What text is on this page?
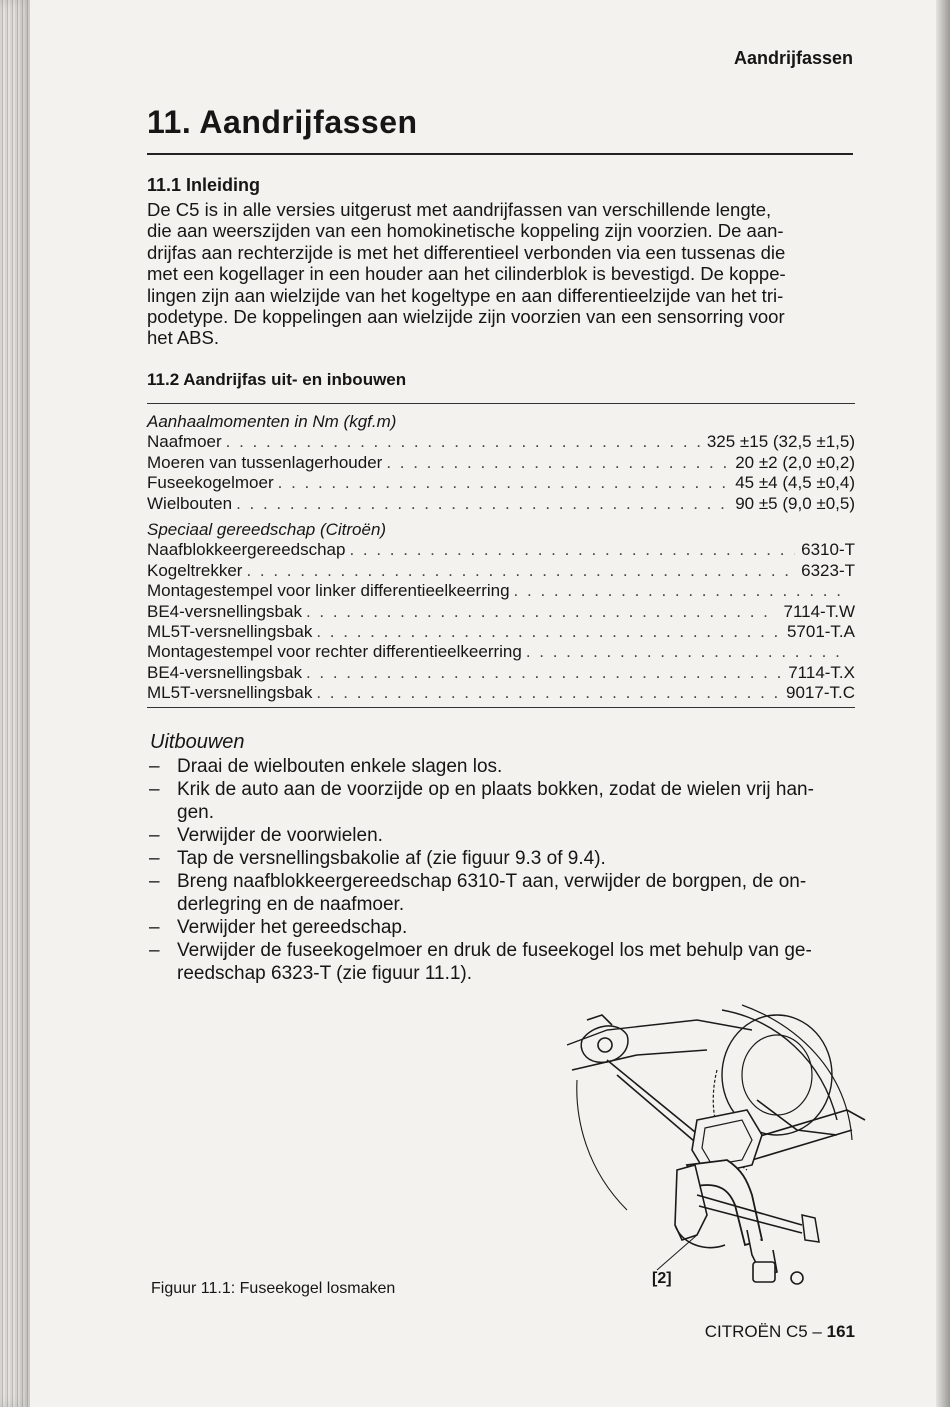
Aandrijfassen
11. Aandrijfassen
11.1 Inleiding
De C5 is in alle versies uitgerust met aandrijfassen van verschillende lengte,
die aan weerszijden van een homokinetische koppeling zijn voorzien. De aan-
drijfas aan rechterzijde is met het differentieel verbonden via een tussenas die
met een kogellager in een houder aan het cilinderblok is bevestigd. De koppe-
lingen zijn aan wielzijde van het kogeltype en aan differentieelzijde van het tri-
podetype. De koppelingen aan wielzijde zijn voorzien van een sensorring voor
het ABS.
11.2 Aandrijfas uit- en inbouwen
Aanhaalmomenten in Nm (kgf.m)
Naafmoer . . .	325 ±15 (32,5 ±1,5)
Moeren van tussenlagerhouder . . .	20 ±2 (2,0 ±0,2)
Fuseekogelmoer . . .	45 ±4 (4,5 ±0,4)
Wielbouten . . .	90 ±5 (9,0 ±0,5)
Speciaal gereedschap (Citroën)
Naafblokkeergereedschap . . .	6310-T
Kogeltrekker . . .	6323-T
Montagestempel voor linker differentieelkeerring
. . .
BE4-versnellingsbak . . .	7114-T.W
ML5T-versnellingsbak . . .	5701-T.A
Montagestempel voor rechter differentieelkeerring
. . .
BE4-versnellingsbak . . .	7114-T.X
ML5T-versnellingsbak . . .	9017-T.C
Uitbouwen
– Draai de wielbouten enkele slagen los.
– Krik de auto aan de voorzijde op en plaats bokken, zodat de wielen vrij han-
gen.
– Verwijder de voorwielen.
– Tap de versnellingsbakolie af (zie figuur 9.3 of 9.4).
– Breng naafblokkeergereedschap 6310-T aan, verwijder de borgpen, de on-
derlegring en de naafmoer.
– Verwijder het gereedschap.
– Verwijder de fuseekogelmoer en druk de fuseekogel los met behulp van ge-
reedschap 6323-T (zie figuur 11.1).
Figuur 11.1: Fuseekogel losmaken
[2]
CITROËN C5 – 161
